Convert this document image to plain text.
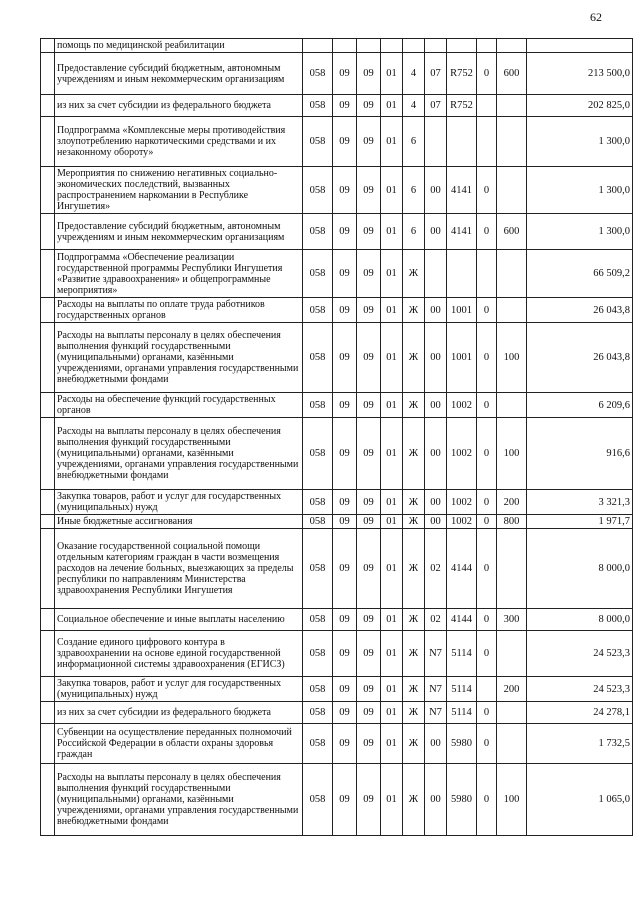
62
	помощь по медицинской реабилитации										
	Предоставление субсидий бюджетным, автономным учреждениям и иным некоммерческим организациям	058	09	09	01	4	07	R752	0	600	213 500,0
	из них за счет субсидии из федерального бюджета	058	09	09	01	4	07	R752			202 825,0
	Подпрограмма «Комплексные меры противодействия злоупотреблению наркотическими средствами и их незаконному обороту»	058	09	09	01	6					1 300,0
	Мероприятия по снижению негативных социально-экономических последствий, вызванных распространением наркомании в Республике Ингушетия»	058	09	09	01	6	00	4141	0		1 300,0
	Предоставление субсидий бюджетным, автономным учреждениям и иным некоммерческим организациям	058	09	09	01	6	00	4141	0	600	1 300,0
	Подпрограмма «Обеспечение реализации государственной программы Республики Ингушетия «Развитие здравоохранения» и общепрограммные мероприятия»	058	09	09	01	Ж					66 509,2
	Расходы на выплаты по оплате труда работников государственных органов	058	09	09	01	Ж	00	1001	0		26 043,8
	Расходы на выплаты персоналу в целях обеспечения выполнения функций государственными (муниципальными) органами, казёнными учреждениями, органами управления государственными внебюджетными фондами	058	09	09	01	Ж	00	1001	0	100	26 043,8
	Расходы на обеспечение функций государственных органов	058	09	09	01	Ж	00	1002	0		6 209,6
	Расходы на выплаты персоналу в целях обеспечения выполнения функций государственными (муниципальными) органами, казёнными учреждениями, органами управления государственными внебюджетными фондами	058	09	09	01	Ж	00	1002	0	100	916,6
	Закупка товаров, работ и услуг для государственных (муниципальных) нужд	058	09	09	01	Ж	00	1002	0	200	3 321,3
	Иные бюджетные ассигнования	058	09	09	01	Ж	00	1002	0	800	1 971,7
	Оказание государственной социальной помощи отдельным категориям граждан в части возмещения расходов на лечение больных, выезжающих за пределы республики по направлениям Министерства здравоохранения Республики Ингушетия	058	09	09	01	Ж	02	4144	0		8 000,0
	Социальное обеспечение и иные выплаты населению	058	09	09	01	Ж	02	4144	0	300	8 000,0
	Создание единого цифрового контура в здравоохранении на основе единой государственной информационной системы здравоохранения (ЕГИСЗ)	058	09	09	01	Ж	N7	5114	0		24 523,3
	Закупка товаров, работ и услуг для государственных (муниципальных) нужд	058	09	09	01	Ж	N7	5114		200	24 523,3
	из них за счет субсидии из федерального бюджета	058	09	09	01	Ж	N7	5114	0		24 278,1
	Субвенции на осуществление переданных полномочий Российской Федерации в области охраны здоровья граждан	058	09	09	01	Ж	00	5980	0		1 732,5
	Расходы на выплаты персоналу в целях обеспечения выполнения функций государственными (муниципальными) органами, казёнными учреждениями, органами управления государственными внебюджетными фондами	058	09	09	01	Ж	00	5980	0	100	1 065,0
